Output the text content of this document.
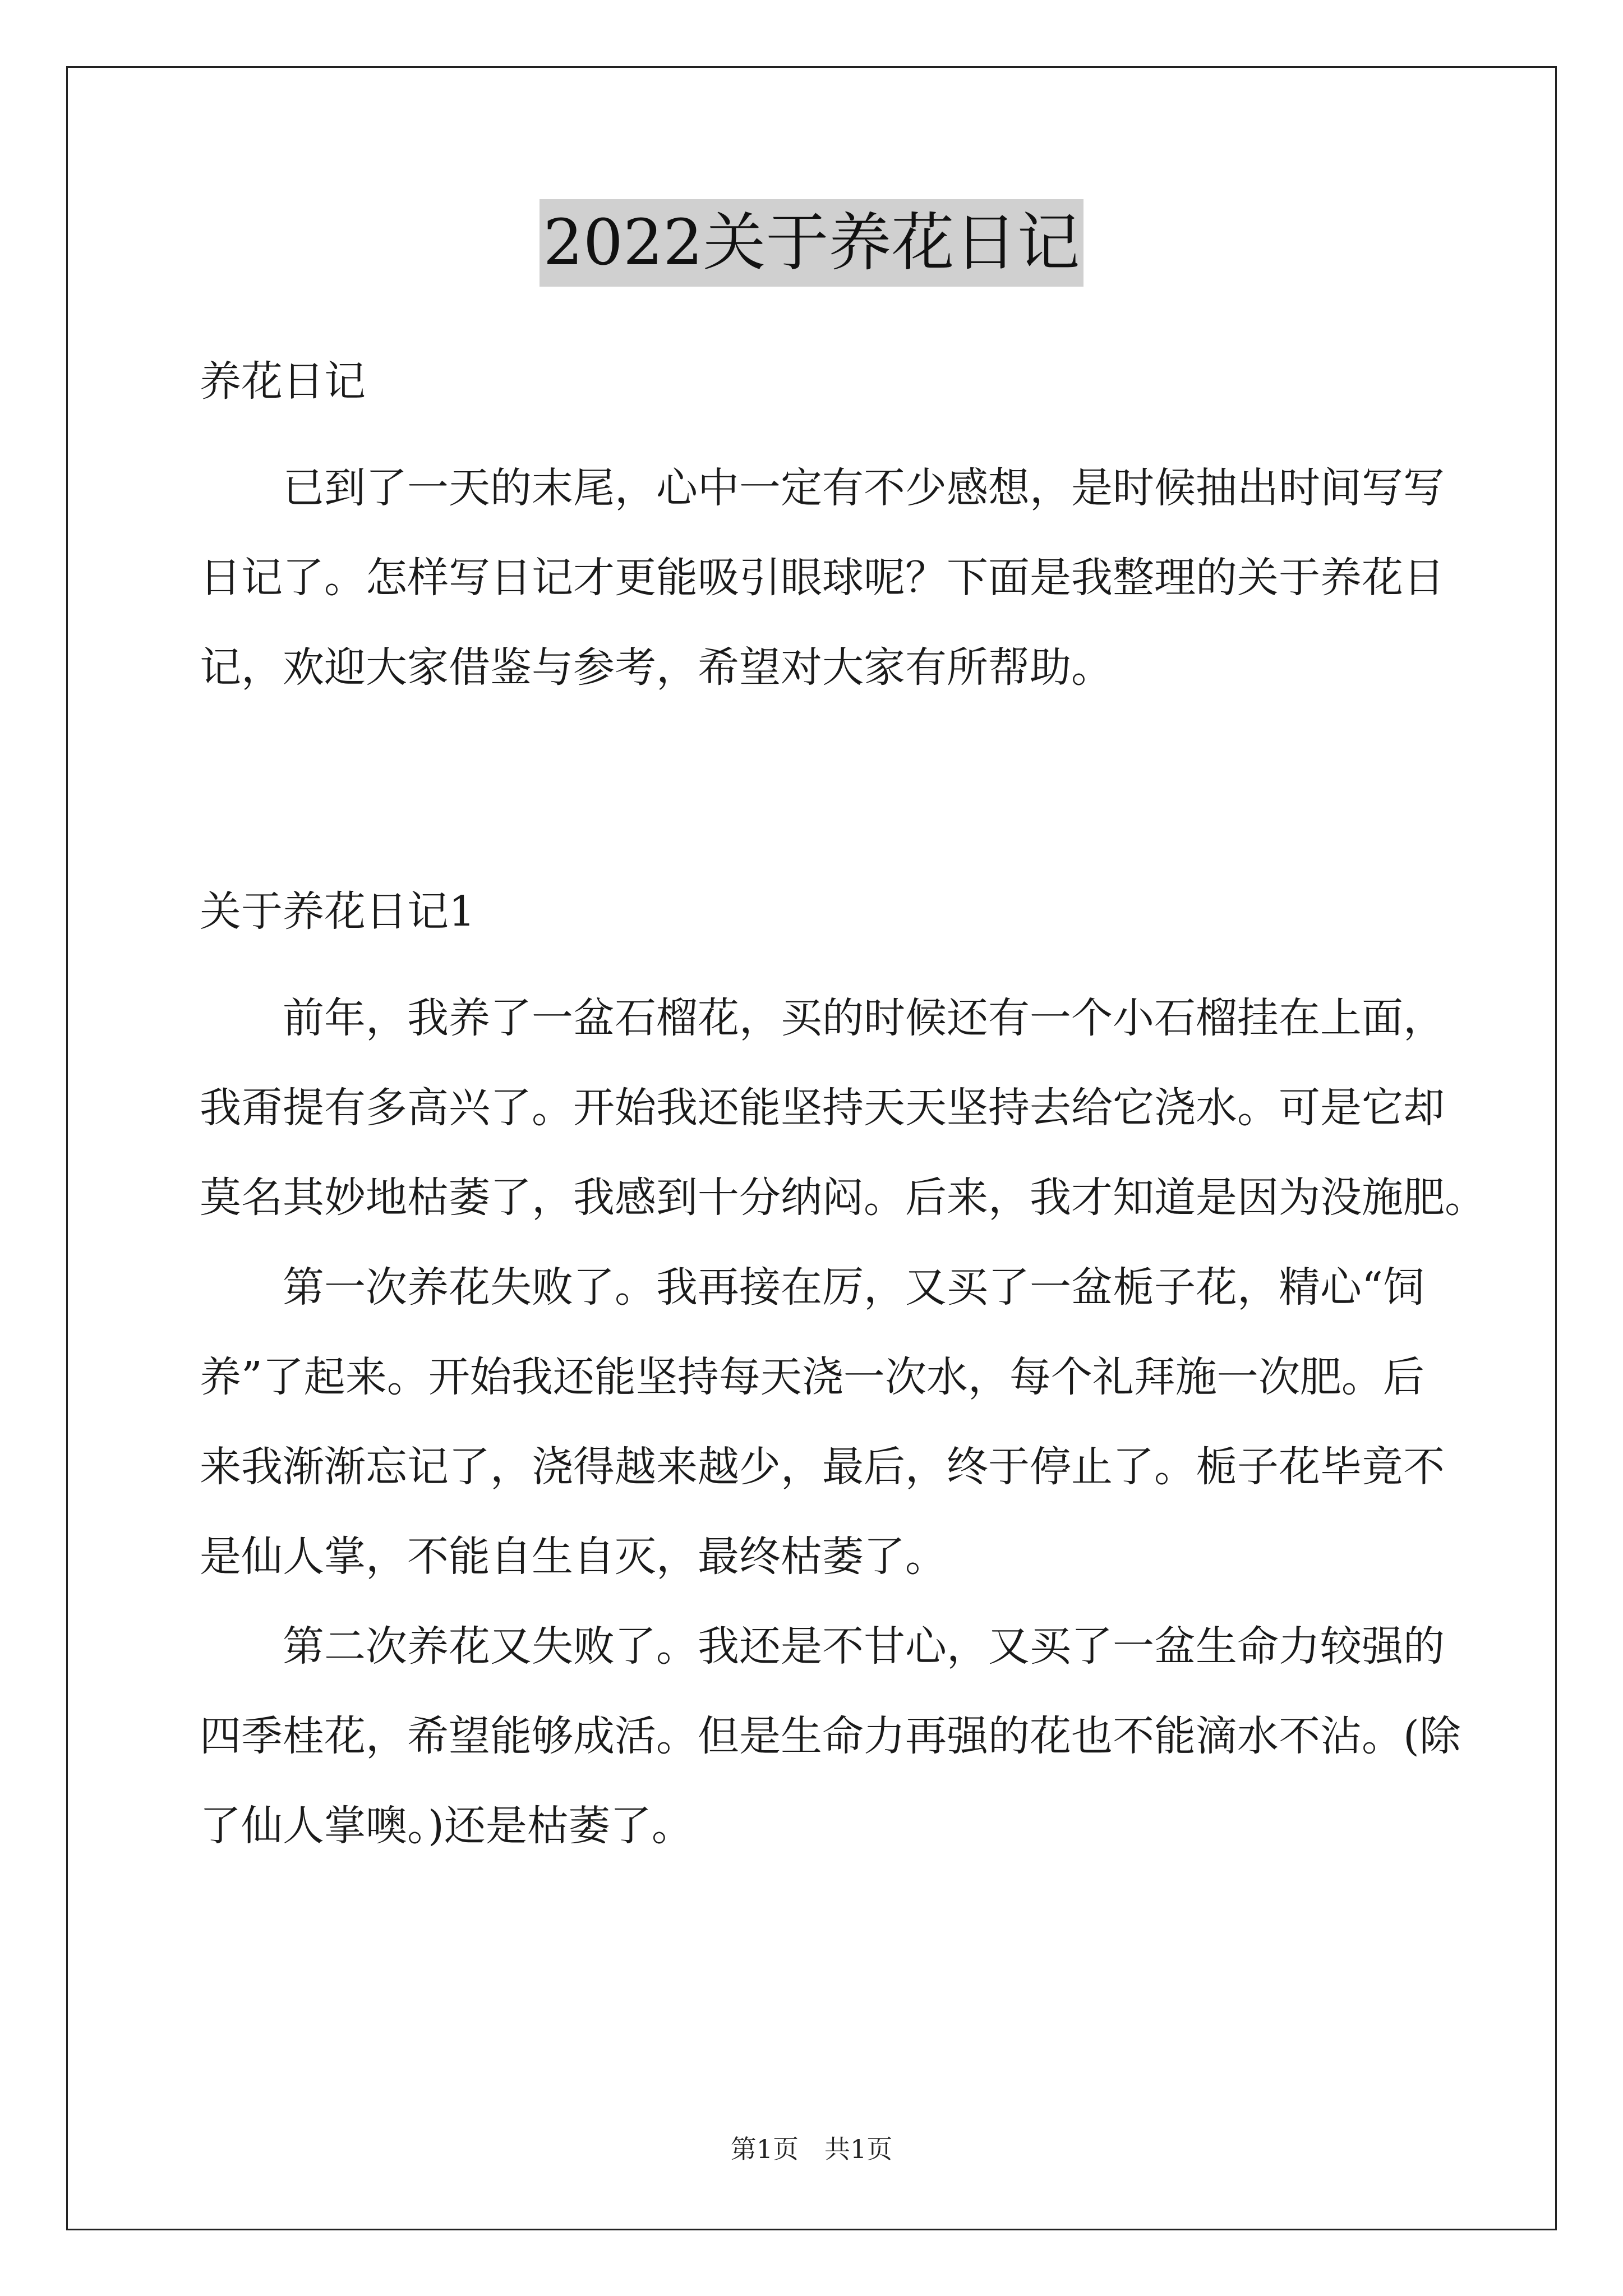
2022关于养花日记
养花日记
　　已到了一天的末尾，心中一定有不少感想，是时候抽出时间写写
日记了。怎样写日记才更能吸引眼球呢？下面是我整理的关于养花日
记，欢迎大家借鉴与参考，希望对大家有所帮助。
关于养花日记1
　　前年，我养了一盆石榴花，买的时候还有一个小石榴挂在上面，
我甭提有多高兴了。开始我还能坚持天天坚持去给它浇水。可是它却
莫名其妙地枯萎了，我感到十分纳闷。后来，我才知道是因为没施肥。
　　第一次养花失败了。我再接在厉，又买了一盆栀子花，精心“饲
养”了起来。开始我还能坚持每天浇一次水，每个礼拜施一次肥。后
来我渐渐忘记了，浇得越来越少，最后，终于停止了。栀子花毕竟不
是仙人掌，不能自生自灭，最终枯萎了。
　　第二次养花又失败了。我还是不甘心，又买了一盆生命力较强的
四季桂花，希望能够成活。但是生命力再强的花也不能滴水不沾。(除
了仙人掌噢。)还是枯萎了。
第1页　共1页
